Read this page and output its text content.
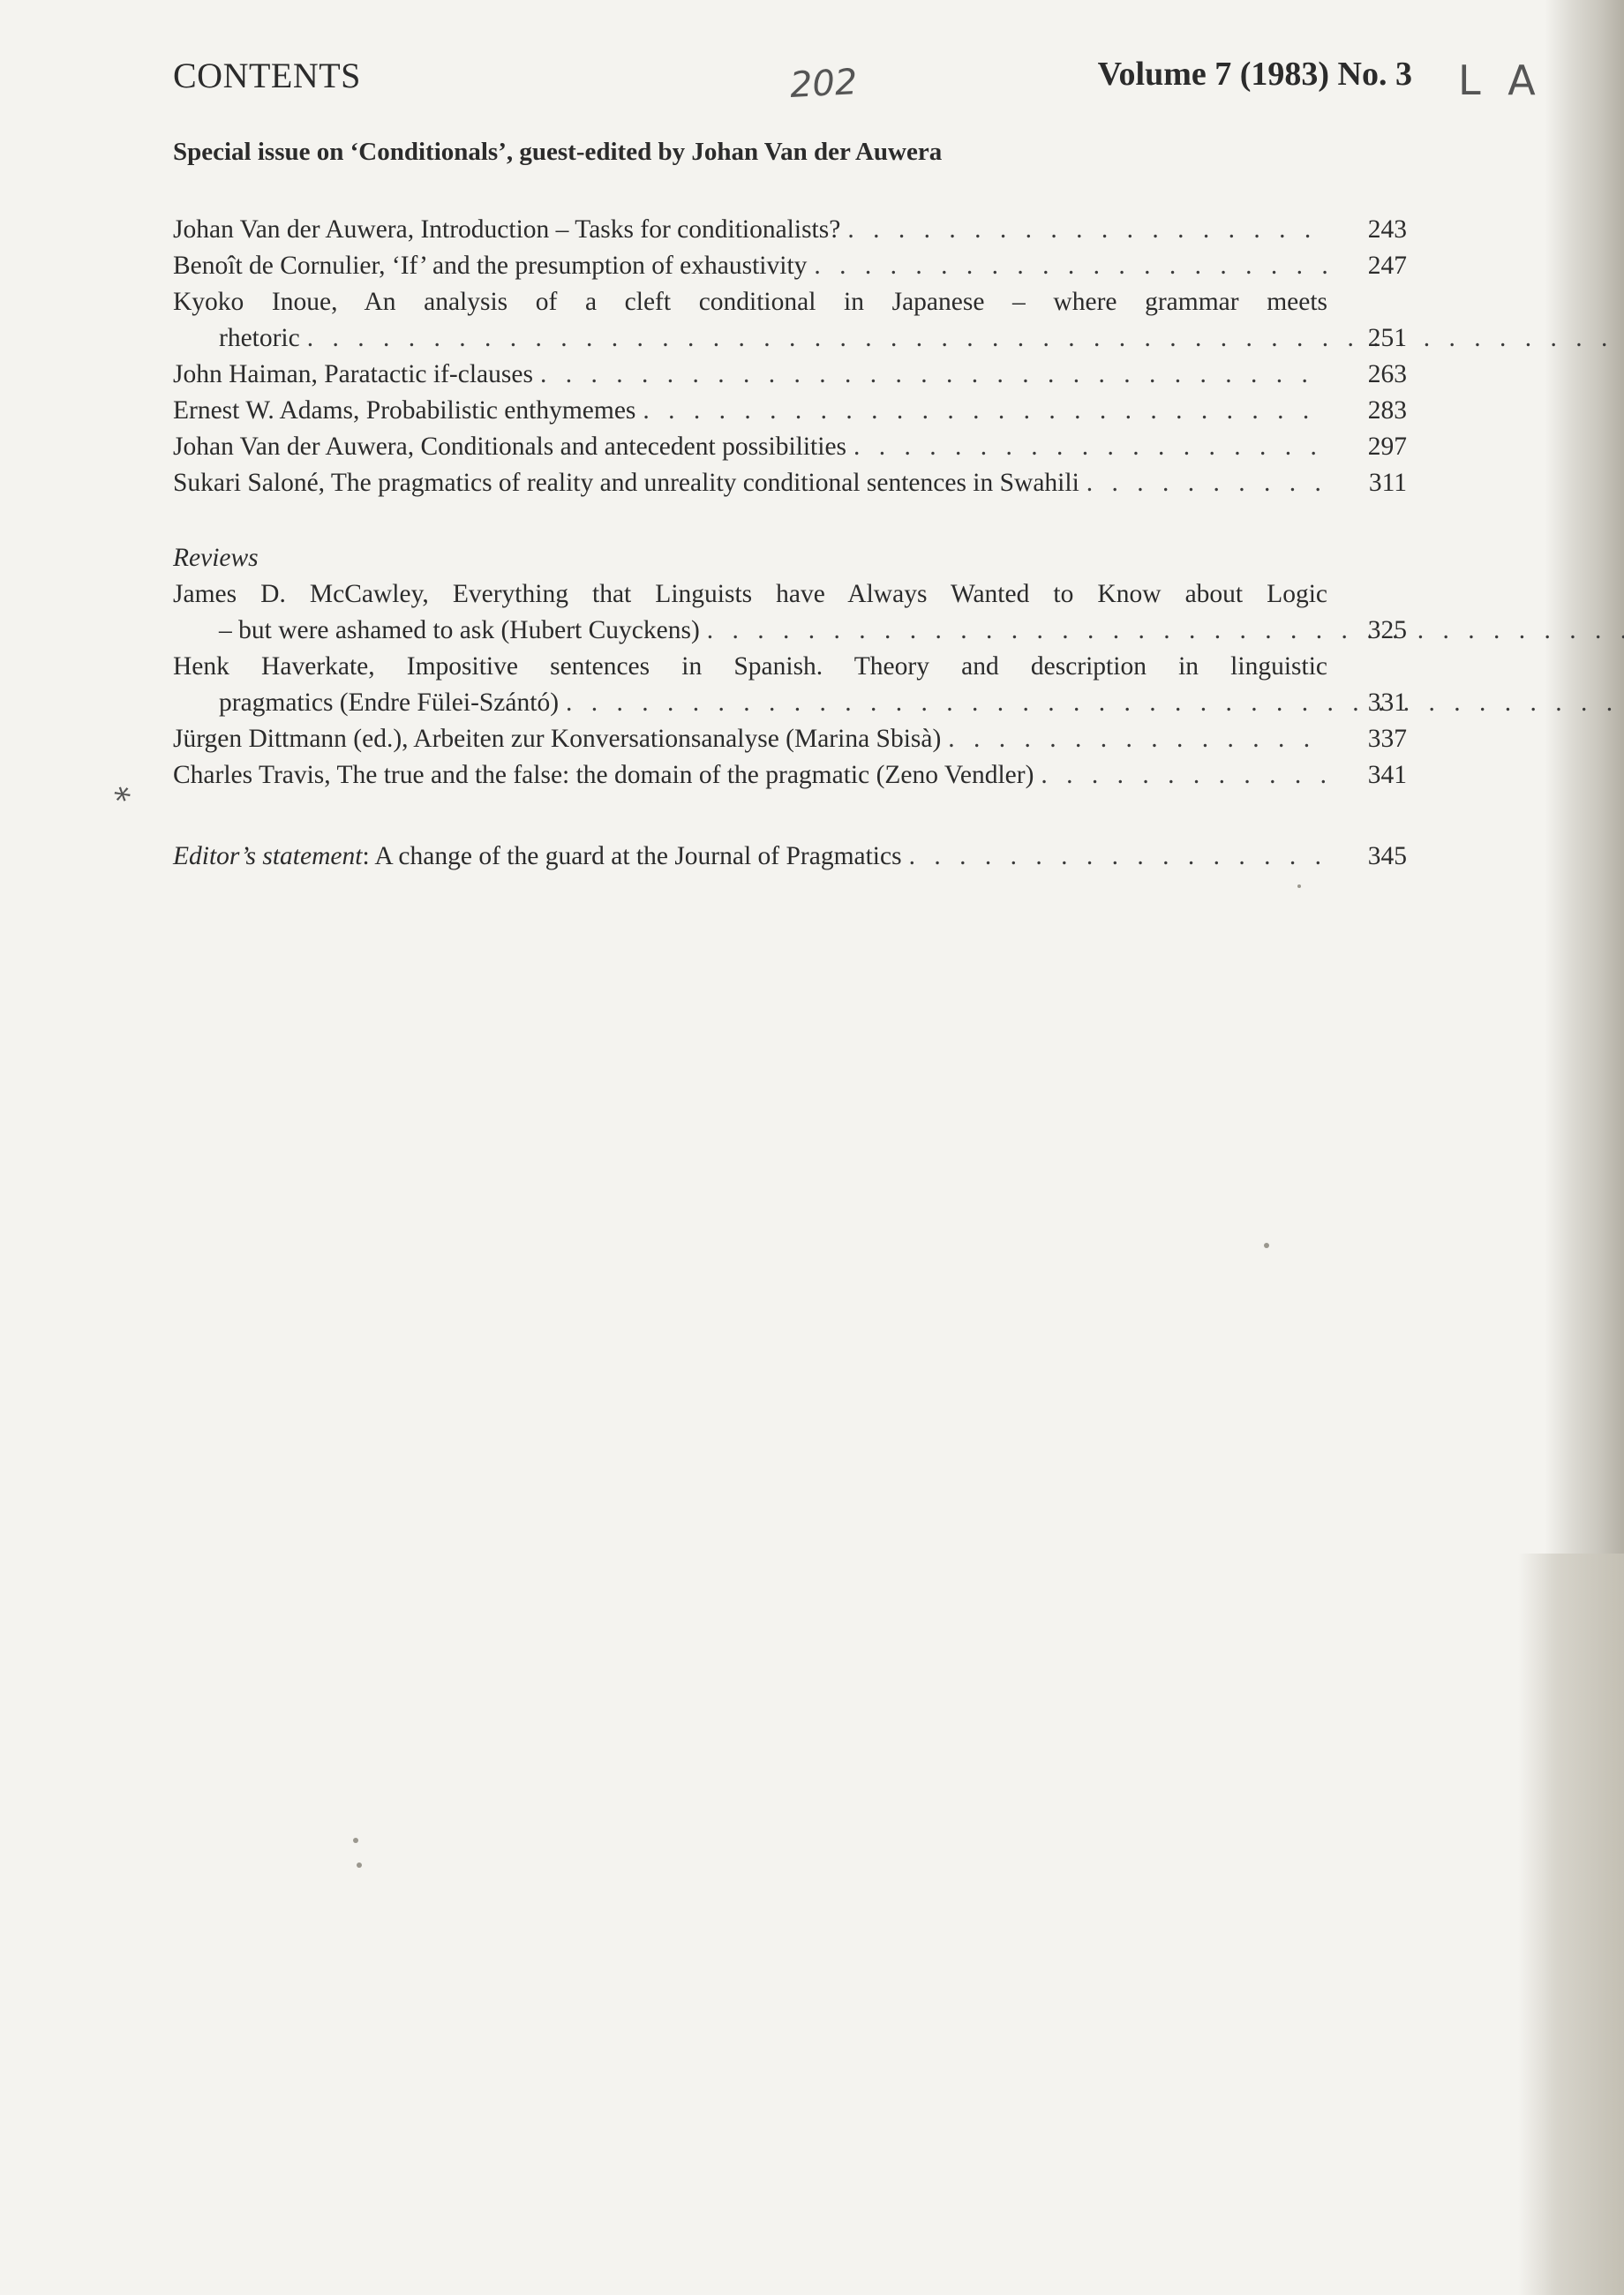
CONTENTS	Volume 7 (1983) No. 3
202	L A

Special issue on ‘Conditionals’, guest-edited by Johan Van der Auwera

Johan Van der Auwera, Introduction – Tasks for conditionalists? . . .	243
Benoît de Cornulier, ‘If’ and the presumption of exhaustivity . . .	247
Kyoko Inoue, An analysis of a cleft conditional in Japanese – where grammar meets
rhetoric . . .	251
John Haiman, Paratactic if-clauses . . .	263
Ernest W. Adams, Probabilistic enthymemes . . .	283
Johan Van der Auwera, Conditionals and antecedent possibilities . . .	297
Sukari Saloné, The pragmatics of reality and unreality conditional sentences in Swahili . . .	311

Reviews

James D. McCawley, Everything that Linguists have Always Wanted to Know about Logic
– but were ashamed to ask (Hubert Cuyckens) . . .	325
Henk Haverkate, Impositive sentences in Spanish. Theory and description in linguistic
pragmatics (Endre Fülei-Szántó) . . .	331
Jürgen Dittmann (ed.), Arbeiten zur Konversationsanalyse (Marina Sbisà) . . .	337
Charles Travis, The true and the false: the domain of the pragmatic (Zeno Vendler) . . .	341
⁎
Editor’s statement: A change of the guard at the Journal of Pragmatics . . .	345
